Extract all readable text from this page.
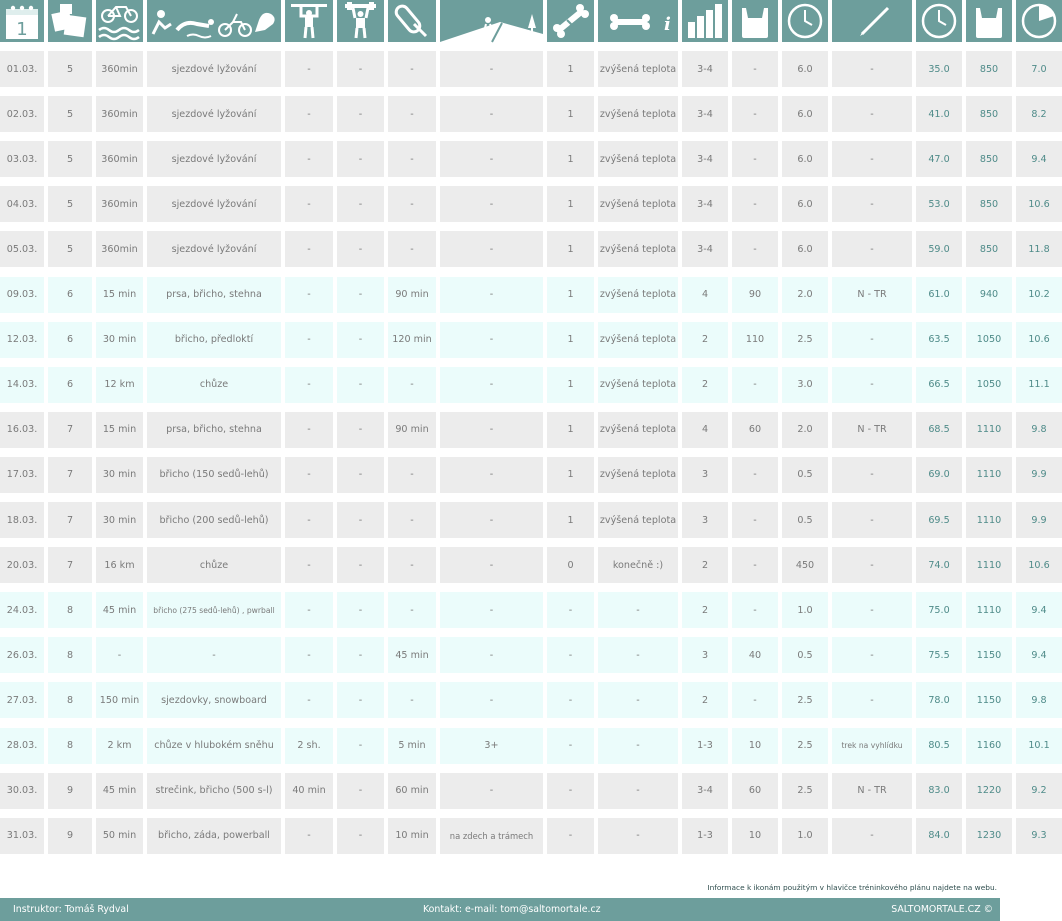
1	i
01.03.	5	360min	sjezdové lyžování	-	-	-	-	1	zvýšená teplota	3-4	-	6.0	-	35.0	850	7.0
02.03.	5	360min	sjezdové lyžování	-	-	-	-	1	zvýšená teplota	3-4	-	6.0	-	41.0	850	8.2
03.03.	5	360min	sjezdové lyžování	-	-	-	-	1	zvýšená teplota	3-4	-	6.0	-	47.0	850	9.4
04.03.	5	360min	sjezdové lyžování	-	-	-	-	1	zvýšená teplota	3-4	-	6.0	-	53.0	850	10.6
05.03.	5	360min	sjezdové lyžování	-	-	-	-	1	zvýšená teplota	3-4	-	6.0	-	59.0	850	11.8
09.03.	6	15 min	prsa, břicho, stehna	-	-	90 min	-	1	zvýšená teplota	4	90	2.0	N - TR	61.0	940	10.2
12.03.	6	30 min	břicho, předloktí	-	-	120 min	-	1	zvýšená teplota	2	110	2.5	-	63.5	1050	10.6
14.03.	6	12 km	chůze	-	-	-	-	1	zvýšená teplota	2	-	3.0	-	66.5	1050	11.1
16.03.	7	15 min	prsa, břicho, stehna	-	-	90 min	-	1	zvýšená teplota	4	60	2.0	N - TR	68.5	1110	9.8
17.03.	7	30 min	břicho (150 sedů-lehů)	-	-	-	-	1	zvýšená teplota	3	-	0.5	-	69.0	1110	9.9
18.03.	7	30 min	břicho (200 sedů-lehů)	-	-	-	-	1	zvýšená teplota	3	-	0.5	-	69.5	1110	9.9
20.03.	7	16 km	chůze	-	-	-	-	0	konečně :)	2	-	450	-	74.0	1110	10.6
24.03.	8	45 min	břicho (275 sedů-lehů) , pwrball	-	-	-	-	-	-	2	-	1.0	-	75.0	1110	9.4
26.03.	8	-	-	-	-	45 min	-	-	-	3	40	0.5	-	75.5	1150	9.4
27.03.	8	150 min	sjezdovky, snowboard	-	-	-	-	-	-	2	-	2.5	-	78.0	1150	9.8
28.03.	8	2 km	chůze v hlubokém sněhu	2 sh.	-	5 min	3+	-	-	1-3	10	2.5	trek na vyhlídku	80.5	1160	10.1
30.03.	9	45 min	strečink, břicho (500 s-l)	40 min	-	60 min	-	-	-	3-4	60	2.5	N - TR	83.0	1220	9.2
31.03.	9	50 min	břicho, záda, powerball	-	-	10 min	na zdech a trámech	-	-	1-3	10	1.0	-	84.0	1230	9.3
Informace k ikonám použitým v hlavičce tréninkového plánu najdete na webu.
Instruktor: Tomáš Rydval	Kontakt: e-mail: tom@saltomortale.cz	SALTOMORTALE.CZ ©
